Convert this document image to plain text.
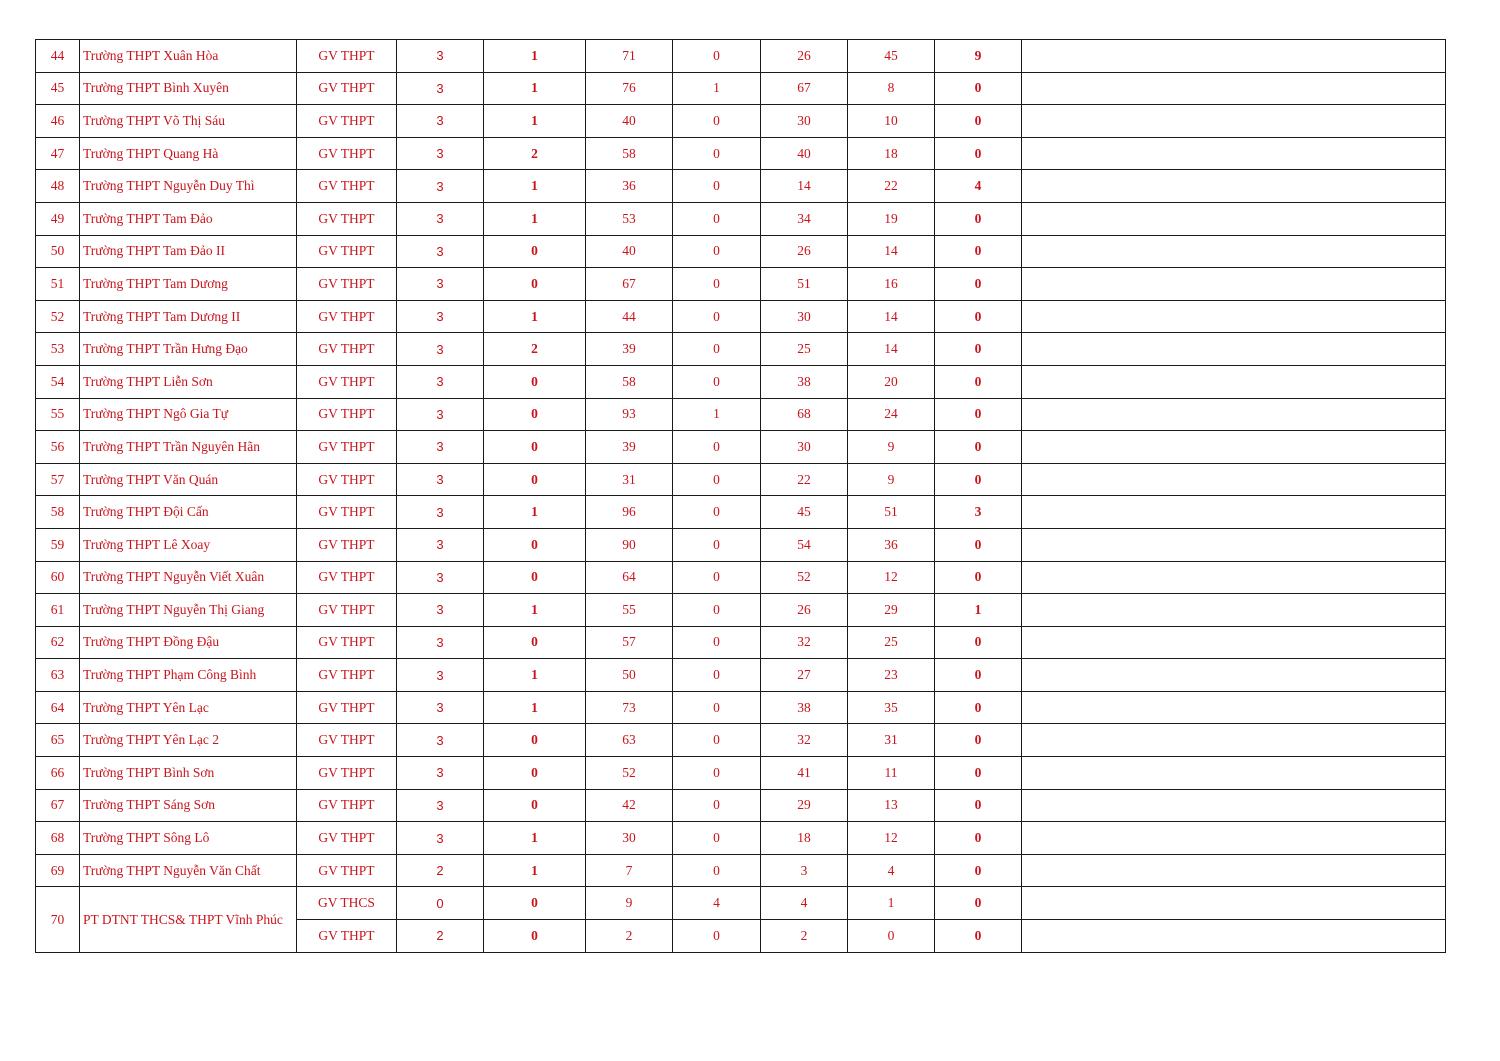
44	Trường THPT Xuân Hòa	GV THPT	3	1	71	0	26	45	9	
45	Trường THPT Bình Xuyên	GV THPT	3	1	76	1	67	8	0	
46	Trường THPT Võ Thị Sáu	GV THPT	3	1	40	0	30	10	0	
47	Trường THPT Quang Hà	GV THPT	3	2	58	0	40	18	0	
48	Trường THPT Nguyễn Duy Thì	GV THPT	3	1	36	0	14	22	4	
49	Trường THPT Tam Đảo	GV THPT	3	1	53	0	34	19	0	
50	Trường THPT Tam Đảo II	GV THPT	3	0	40	0	26	14	0	
51	Trường THPT Tam Dương	GV THPT	3	0	67	0	51	16	0	
52	Trường THPT Tam Dương II	GV THPT	3	1	44	0	30	14	0	
53	Trường THPT Trần Hưng Đạo	GV THPT	3	2	39	0	25	14	0	
54	Trường THPT Liễn Sơn	GV THPT	3	0	58	0	38	20	0	
55	Trường THPT Ngô Gia Tự	GV THPT	3	0	93	1	68	24	0	
56	Trường THPT Trần Nguyên Hãn	GV THPT	3	0	39	0	30	9	0	
57	Trường THPT Văn Quán	GV THPT	3	0	31	0	22	9	0	
58	Trường THPT Đội Cấn	GV THPT	3	1	96	0	45	51	3	
59	Trường THPT Lê Xoay	GV THPT	3	0	90	0	54	36	0	
60	Trường THPT Nguyễn Viết Xuân	GV THPT	3	0	64	0	52	12	0	
61	Trường THPT Nguyễn Thị Giang	GV THPT	3	1	55	0	26	29	1	
62	Trường THPT Đồng Đậu	GV THPT	3	0	57	0	32	25	0	
63	Trường THPT Phạm Công Bình	GV THPT	3	1	50	0	27	23	0	
64	Trường THPT Yên Lạc	GV THPT	3	1	73	0	38	35	0	
65	Trường THPT Yên Lạc 2	GV THPT	3	0	63	0	32	31	0	
66	Trường THPT Bình Sơn	GV THPT	3	0	52	0	41	11	0	
67	Trường THPT Sáng Sơn	GV THPT	3	0	42	0	29	13	0	
68	Trường THPT Sông Lô	GV THPT	3	1	30	0	18	12	0	
69	Trường THPT Nguyễn Văn Chất	GV THPT	2	1	7	0	3	4	0	
70	PT DTNT THCS& THPT Vĩnh Phúc	GV THCS	0	0	9	4	4	1	0	
		GV THPT	2	0	2	0	2	0	0	
